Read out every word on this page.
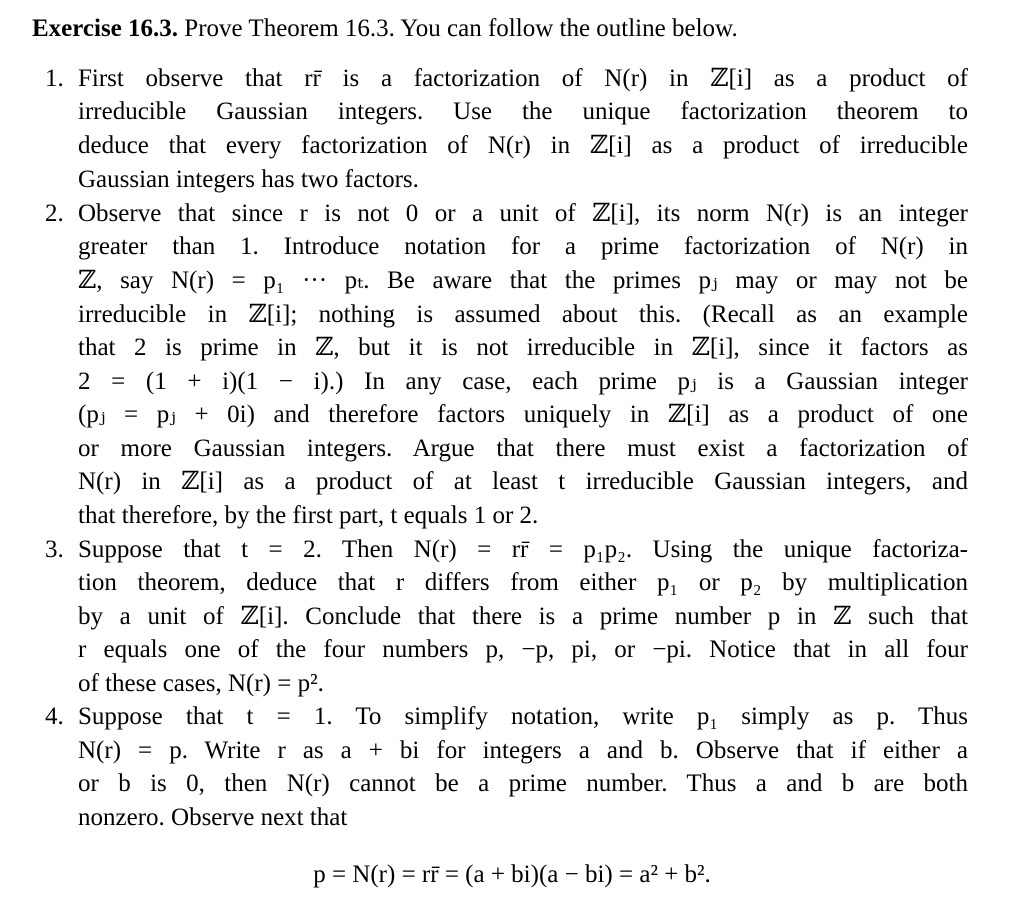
Exercise 16.3. Prove Theorem 16.3. You can follow the outline below.
1. First observe that rr̄ is a factorization of N(r) in ℤ[i] as a product of
irreducible Gaussian integers. Use the unique factorization theorem to
deduce that every factorization of N(r) in ℤ[i] as a product of irreducible
Gaussian integers has two factors.
2. Observe that since r is not 0 or a unit of ℤ[i], its norm N(r) is an integer
greater than 1. Introduce notation for a prime factorization of N(r) in
ℤ, say N(r) = p₁ ··· pₜ. Be aware that the primes pⱼ may or may not be
irreducible in ℤ[i]; nothing is assumed about this. (Recall as an example
that 2 is prime in ℤ, but it is not irreducible in ℤ[i], since it factors as
2 = (1 + i)(1 − i).) In any case, each prime pⱼ is a Gaussian integer
(pⱼ = pⱼ + 0i) and therefore factors uniquely in ℤ[i] as a product of one
or more Gaussian integers. Argue that there must exist a factorization of
N(r) in ℤ[i] as a product of at least t irreducible Gaussian integers, and
that therefore, by the first part, t equals 1 or 2.
3. Suppose that t = 2. Then N(r) = rr̄ = p₁p₂. Using the unique factoriza-
tion theorem, deduce that r differs from either p₁ or p₂ by multiplication
by a unit of ℤ[i]. Conclude that there is a prime number p in ℤ such that
r equals one of the four numbers p, −p, pi, or −pi. Notice that in all four
of these cases, N(r) = p².
4. Suppose that t = 1. To simplify notation, write p₁ simply as p. Thus
N(r) = p. Write r as a + bi for integers a and b. Observe that if either a
or b is 0, then N(r) cannot be a prime number. Thus a and b are both
nonzero. Observe next that
p = N(r) = rr̄ = (a + bi)(a − bi) = a² + b².
